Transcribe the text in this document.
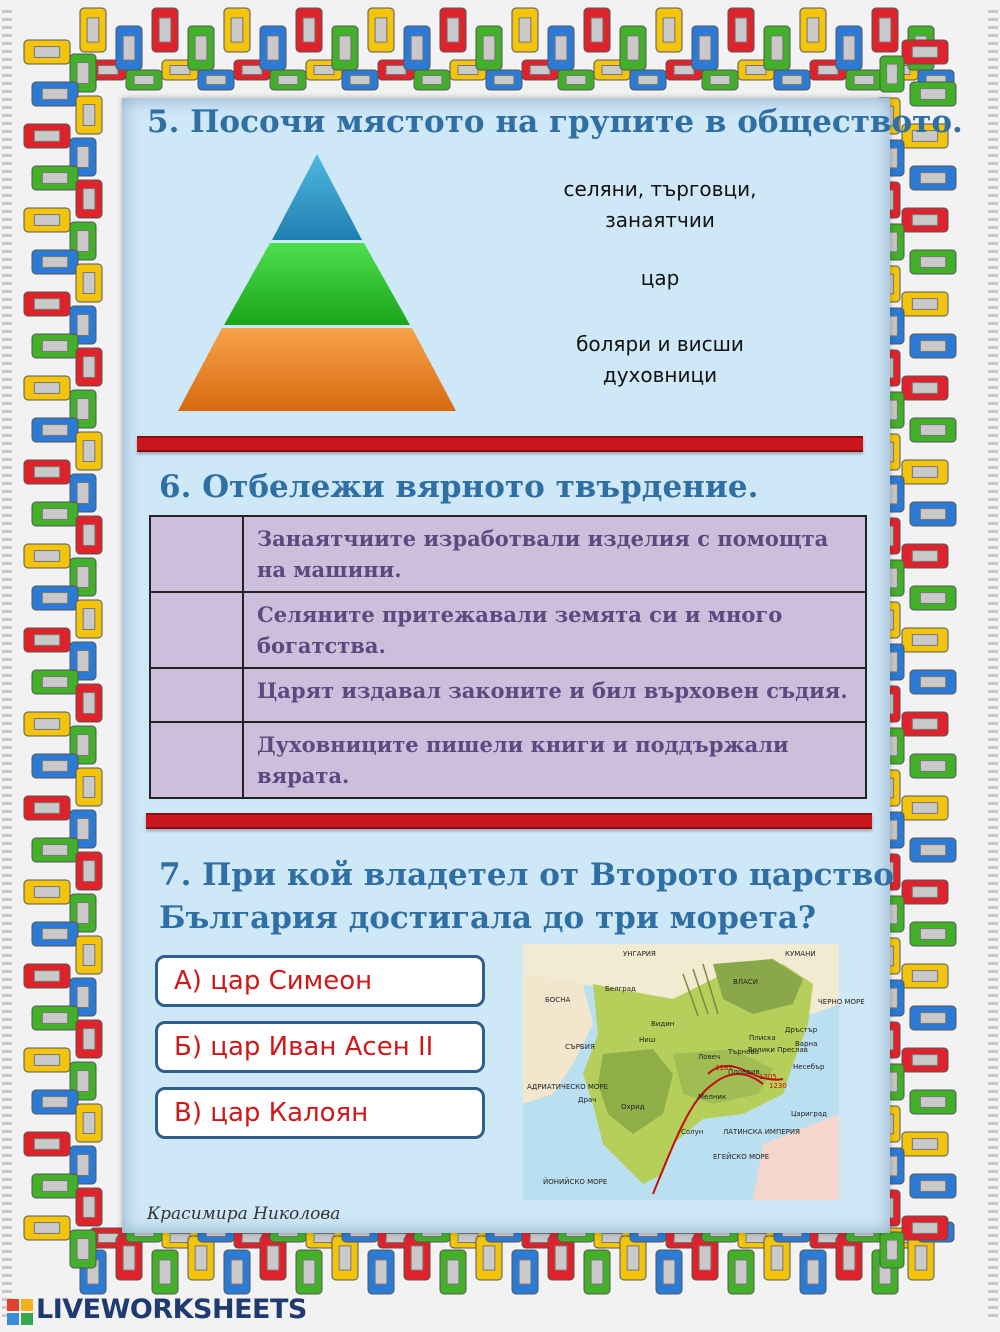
5. Посочи мястото на групите в обществото.
селяни, търговци, занаятчии
цар
боляри и висши духовници
6. Отбележи вярното твърдение.
	Занаятчиите изработвали изделия с помощта на машини.
	Селяните притежавали земята си и много богатства.
	Царят издавал законите и бил върховен съдия.
	Духовниците пишели книги и поддържали вярата.
7. При кой владетел от Второто царство
България достигала до три морета?
А) цар Симеон
Б) цар Иван Асен II
В) цар Калоян
УНГАРИЯ	КУМАНИ
ВЛАСИ
Белград
БОСНА
Видин
СЪРБИЯ
Ниш	Плиска
Дръстър
Варна
Търново
Велики Преслав
Ловеч
Несебър
Пловдив
АДРИАТИЧЕСКО МОРЕ
Драч
Охрид
Мелник
Цариград
Солун	ЛАТИНСКА ИМПЕРИЯ
ЕГЕЙСКО МОРЕ
ЙОНИЙСКО МОРЕ
ЧЕРНО МОРЕ
1187
1205
1230
Красимира Николова
LIVEWORKSHEETS
